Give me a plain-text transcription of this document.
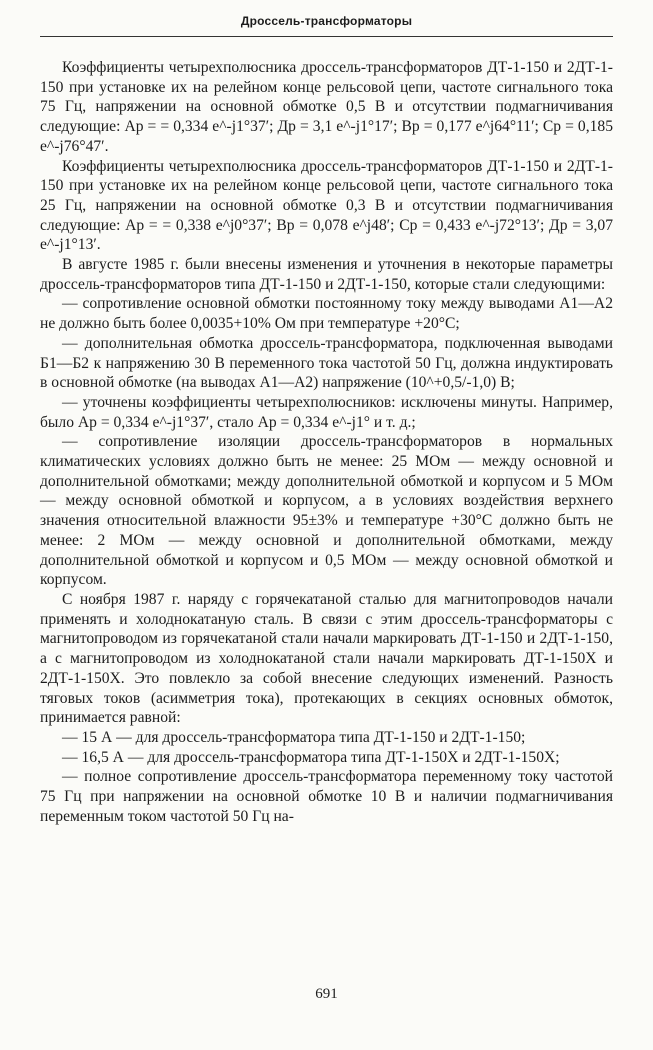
Дроссель-трансформаторы

Коэффициенты четырехполюсника дроссель-трансформаторов ДТ-1-150 и 2ДТ-1-150 при установке их на релейном конце рельсовой цепи, частоте сигнального тока 75 Гц, напряжении на основной обмотке 0,5 В и отсутствии подмагничивания следующие: Aр = = 0,334 e^-j1°37′; Дp = 3,1 e^-j1°17′; Bр = 0,177 e^j64°11′; Cр = 0,185 e^-j76°47′.

Коэффициенты четырехполюсника дроссель-трансформаторов ДТ-1-150 и 2ДТ-1-150 при установке их на релейном конце рельсовой цепи, частоте сигнального тока 25 Гц, напряжении на основной обмотке 0,3 В и отсутствии подмагничивания следующие: Aр = = 0,338 e^j0°37′; Bр = 0,078 e^j48′; Cр = 0,433 e^-j72°13′; Дp = 3,07 e^-j1°13′.

В августе 1985 г. были внесены изменения и уточнения в некоторые параметры дроссель-трансформаторов типа ДТ-1-150 и 2ДТ-1-150, которые стали следующими:

— сопротивление основной обмотки постоянному току между выводами А1—А2 не должно быть более 0,0035+10% Ом при температуре +20°С;

— дополнительная обмотка дроссель-трансформатора, подключенная выводами Б1—Б2 к напряжению 30 В переменного тока частотой 50 Гц, должна индуктировать в основной обмотке (на выводах А1—А2) напряжение (10^+0,5/-1,0) В;

— уточнены коэффициенты четырехполюсников: исключены минуты. Например, было Aр = 0,334 e^-j1°37′, стало Aр = 0,334 e^-j1° и т. д.;

— сопротивление изоляции дроссель-трансформаторов в нормальных климатических условиях должно быть не менее: 25 МОм — между основной и дополнительной обмотками; между дополнительной обмоткой и корпусом и 5 МОм — между основной обмоткой и корпусом, а в условиях воздействия верхнего значения относительной влажности 95±3% и температуре +30°С должно быть не менее: 2 МОм — между основной и дополнительной обмотками, между дополнительной обмоткой и корпусом и 0,5 МОм — между основной обмоткой и корпусом.

С ноября 1987 г. наряду с горячекатаной сталью для магнитопроводов начали применять и холоднокатаную сталь. В связи с этим дроссель-трансформаторы с магнитопроводом из горячекатаной стали начали маркировать ДТ-1-150 и 2ДТ-1-150, а с магнитопроводом из холоднокатаной стали начали маркировать ДТ-1-150Х и 2ДТ-1-150Х. Это повлекло за собой внесение следующих изменений. Разность тяговых токов (асимметрия тока), протекающих в секциях основных обмоток, принимается равной:

— 15 А — для дроссель-трансформатора типа ДТ-1-150 и 2ДТ-1-150;

— 16,5 А — для дроссель-трансформатора типа ДТ-1-150Х и 2ДТ-1-150Х;

— полное сопротивление дроссель-трансформатора переменному току частотой 75 Гц при напряжении на основной обмотке 10 В и наличии подмагничивания переменным током частотой 50 Гц на-

691
